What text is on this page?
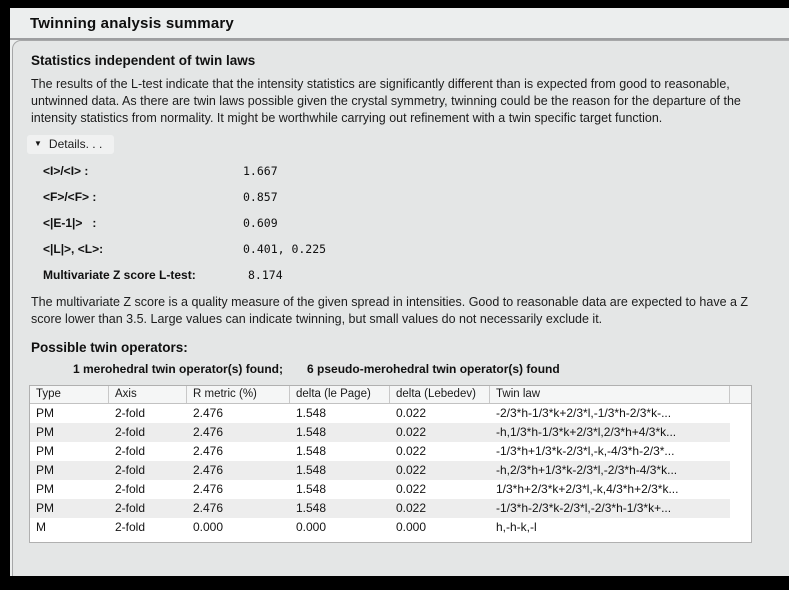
Twinning analysis summary
Statistics independent of twin laws
The results of the L-test indicate that the intensity statistics are significantly different than is expected from good to reasonable, untwinned data. As there are twin laws possible given the crystal symmetry, twinning could be the reason for the departure of the intensity statistics from normality. It might be worthwhile carrying out refinement with a twin specific target function.
▼ Details. . .
<I>/<I> :	1.667
<F>/<F> :	0.857
<|E-1|>   :	0.609
<|L|>, <L>:	0.401, 0.225
Multivariate Z score L-test:	8.174
The multivariate Z score is a quality measure of the given spread in intensities. Good to reasonable data are expected to have a Z score lower than 3.5. Large values can indicate twinning, but small values do not necessarily exclude it.
Possible twin operators:
1 merohedral twin operator(s) found; 6 pseudo-merohedral twin operator(s) found
Type	Axis	R metric (%)	delta (le Page)	delta (Lebedev)	Twin law
PM	2-fold	2.476	1.548	0.022	-2/3*h-1/3*k+2/3*l,-1/3*h-2/3*k-...
PM	2-fold	2.476	1.548	0.022	-h,1/3*h-1/3*k+2/3*l,2/3*h+4/3*k...
PM	2-fold	2.476	1.548	0.022	-1/3*h+1/3*k-2/3*l,-k,-4/3*h-2/3*...
PM	2-fold	2.476	1.548	0.022	-h,2/3*h+1/3*k-2/3*l,-2/3*h-4/3*k...
PM	2-fold	2.476	1.548	0.022	1/3*h+2/3*k+2/3*l,-k,4/3*h+2/3*k...
PM	2-fold	2.476	1.548	0.022	-1/3*h-2/3*k-2/3*l,-2/3*h-1/3*k+...
M	2-fold	0.000	0.000	0.000	h,-h-k,-l
